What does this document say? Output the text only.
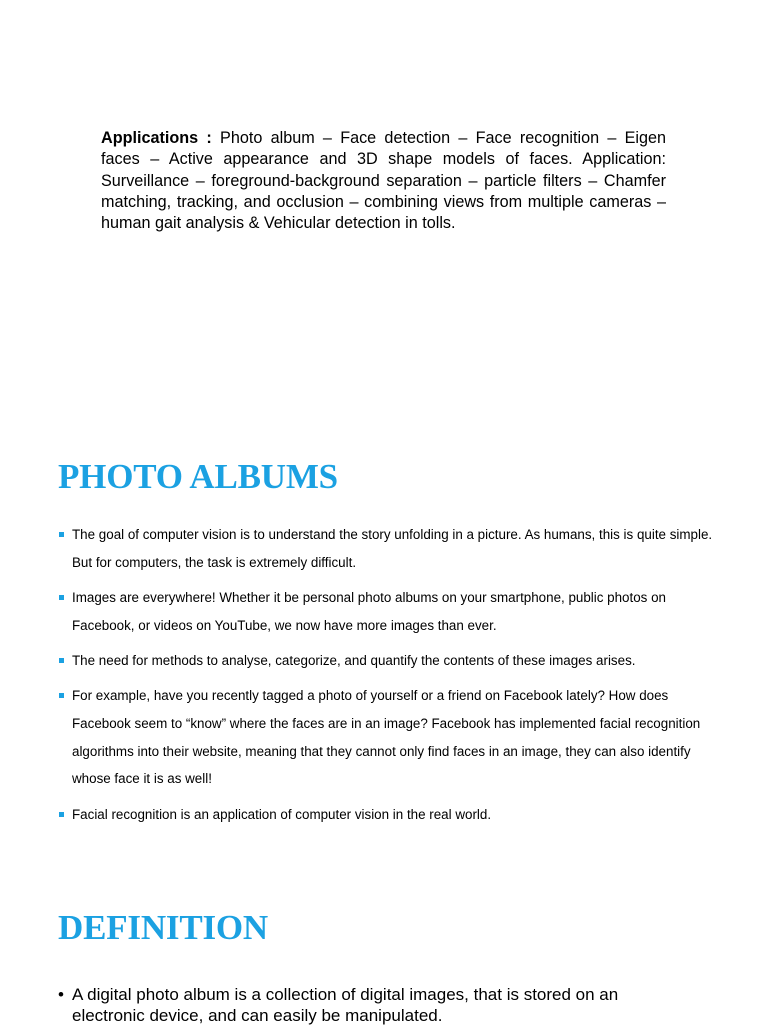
Applications : Photo album – Face detection – Face recognition – Eigen faces – Active appearance and 3D shape models of faces. Application: Surveillance – foreground-background separation – particle filters – Chamfer matching, tracking, and occlusion – combining views from multiple cameras – human gait analysis & Vehicular detection in tolls.

PHOTO ALBUMS
The goal of computer vision is to understand the story unfolding in a picture. As humans, this is quite simple. But for computers, the task is extremely difficult.
Images are everywhere! Whether it be personal photo albums on your smartphone, public photos on Facebook, or videos on YouTube, we now have more images than ever.
The need for methods to analyse, categorize, and quantify the contents of these images arises.
For example, have you recently tagged a photo of yourself or a friend on Facebook lately? How does Facebook seem to “know” where the faces are in an image? Facebook has implemented facial recognition algorithms into their website, meaning that they cannot only find faces in an image, they can also identify whose face it is as well!
Facial recognition is an application of computer vision in the real world.
DEFINITION
• A digital photo album is a collection of digital images, that is stored on an electronic device, and can easily be manipulated.
